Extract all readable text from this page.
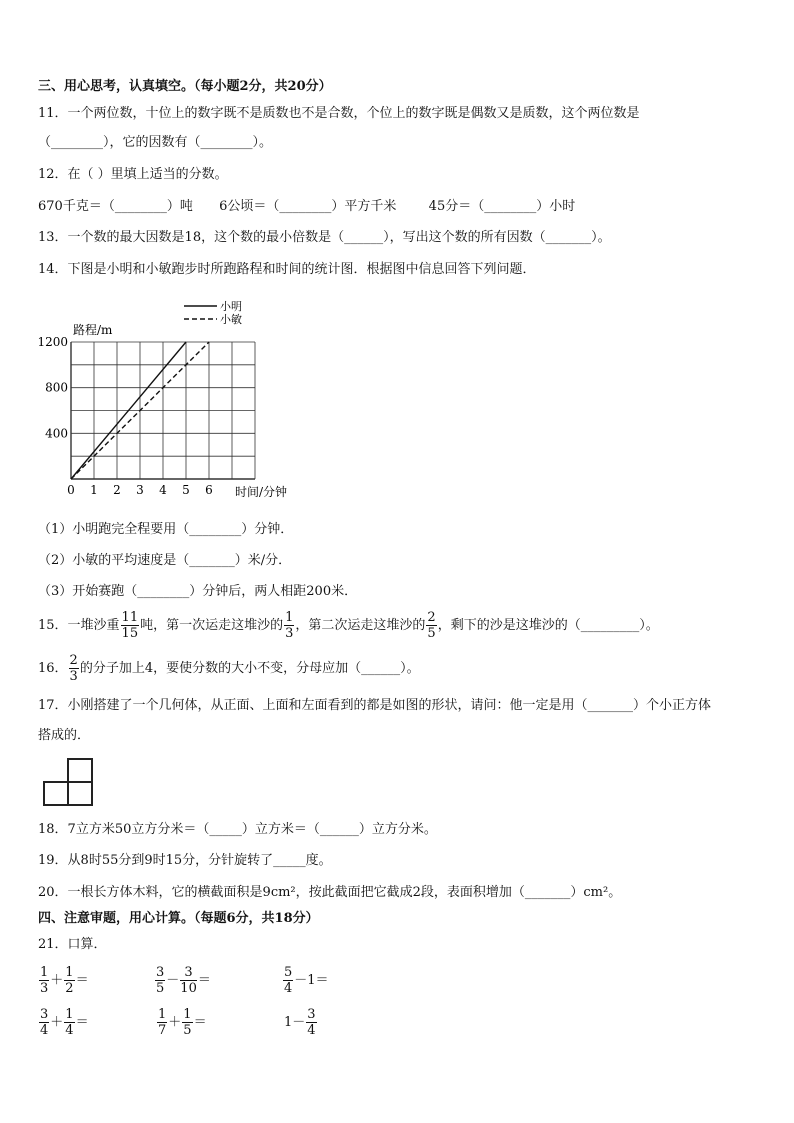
三、用心思考，认真填空。（每小题2分，共20分）
11．一个两位数，十位上的数字既不是质数也不是合数，个位上的数字既是偶数又是质数，这个两位数是
（________），它的因数有（________）。
12．在（ ）里填上适当的分数。
670千克＝（________）吨 6公顷＝（________）平方千米 45分＝（________）小时
13．一个数的最大因数是18，这个数的最小倍数是（______），写出这个数的所有因数（_______）。
14．下图是小明和小敏跑步时所跑路程和时间的统计图．根据图中信息回答下列问题．
小明
小敏
400
800
1200
0 1 2 3 4 5 6
路程/m
时间/分钟
（1）小明跑完全程要用（________）分钟．
（2）小敏的平均速度是（_______）米/分．
（3）开始赛跑（________）分钟后，两人相距200米．
15．一堆沙重 $\frac{11}{15}$ 吨，第一次运走这堆沙的 $\frac{1}{3}$ ，第二次运走这堆沙的 $\frac{2}{5}$ ，剩下的沙是这堆沙的（_________）。
16． $\frac{2}{3}$ 的分子加上4，要使分数的大小不变，分母应加（______）。
17．小刚搭建了一个几何体，从正面、上面和左面看到的都是如图的形状，请问：他一定是用（_______）个小正方体
搭成的．
18．7立方米50立方分米＝（_____）立方米＝（______）立方分米。
19．从8时55分到9时15分，分针旋转了_____度。
20．一根长方体木料，它的横截面积是9cm²，按此截面把它截成2段，表面积增加（_______）cm²。
四、注意审题，用心计算。（每题6分，共18分）
21．口算．
$\frac{1}{3} + \frac{1}{2}$ ＝	$\frac{3}{5} - \frac{3}{10}$ ＝	$\frac{5}{4} -1=$
$\frac{3}{4} + \frac{1}{4}$ ＝	$\frac{1}{7} + \frac{1}{5}$ ＝	$1- \frac{3}{4}$
